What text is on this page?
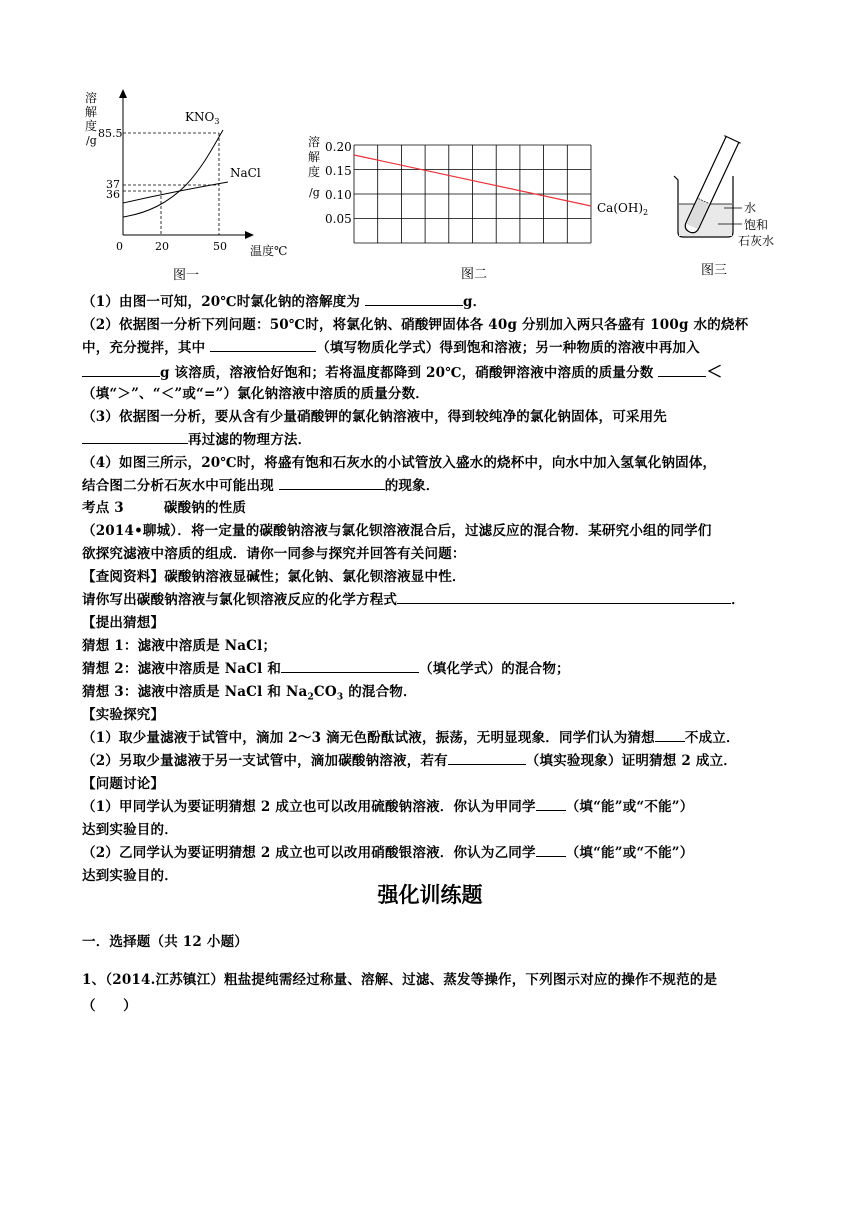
溶
解
度
/g
85.5
37
36
$KNO_3$
NaCl
0	20	50 温度℃
图一
溶
解
度
/g
0.20
0.15
0.10
0.05
$Ca(OH)_2$
图二
水
饱和
石灰水
图三
（1）由图一可知，20℃时氯化钠的溶解度为	g．
（2）依据图一分析下列问题：50℃时，将氯化钠、硝酸钾固体各 40g 分别加入两只各盛有 100g 水的烧杯
中，充分搅拌，其中	（填写物质化学式）得到饱和溶液；另一种物质的溶液中再加入
g 该溶质，溶液恰好饱和；若将温度都降到 20℃，硝酸钾溶液中溶质的质量分数	＜
（填“＞”、“＜”或“=”）氯化钠溶液中溶质的质量分数．
（3）依据图一分析，要从含有少量硝酸钾的氯化钠溶液中，得到较纯净的氯化钠固体，可采用先
再过滤的物理方法．
（4）如图三所示，20℃时，将盛有饱和石灰水的小试管放入盛水的烧杯中，向水中加入氢氧化钠固体，
结合图二分析石灰水中可能出现	的现象．
考点 3	碳酸钠的性质
（2014•聊城）．将一定量的碳酸钠溶液与氯化钡溶液混合后，过滤反应的混合物．某研究小组的同学们
欲探究滤液中溶质的组成．请你一同参与探究并回答有关问题：
【查阅资料】碳酸钠溶液显碱性；氯化钠、氯化钡溶液显中性．
请你写出碳酸钠溶液与氯化钡溶液反应的化学方程式	．
【提出猜想】
猜想 1：滤液中溶质是 NaCl；
猜想 2：滤液中溶质是 NaCl 和	（填化学式）的混合物；
猜想 3：滤液中溶质是 NaCl 和 $Na_2CO_3$ 的混合物．
【实验探究】
（1）取少量滤液于试管中，滴加 2～3 滴无色酚酞试液，振荡，无明显现象．同学们认为猜想 不成立．
（2）另取少量滤液于另一支试管中，滴加碳酸钠溶液，若有	（填实验现象）证明猜想 2 成立．
【问题讨论】
（1）甲同学认为要证明猜想 2 成立也可以改用硫酸钠溶液．你认为甲同学 （填“能”或“不能”）
达到实验目的．
（2）乙同学认为要证明猜想 2 成立也可以改用硝酸银溶液．你认为乙同学 （填“能”或“不能”）
达到实验目的．
强化训练题
一．选择题（共 12 小题）
1、（2014.江苏镇江）粗盐提纯需经过称量、溶解、过滤、蒸发等操作，下列图示对应的操作不规范的是
（　　）
